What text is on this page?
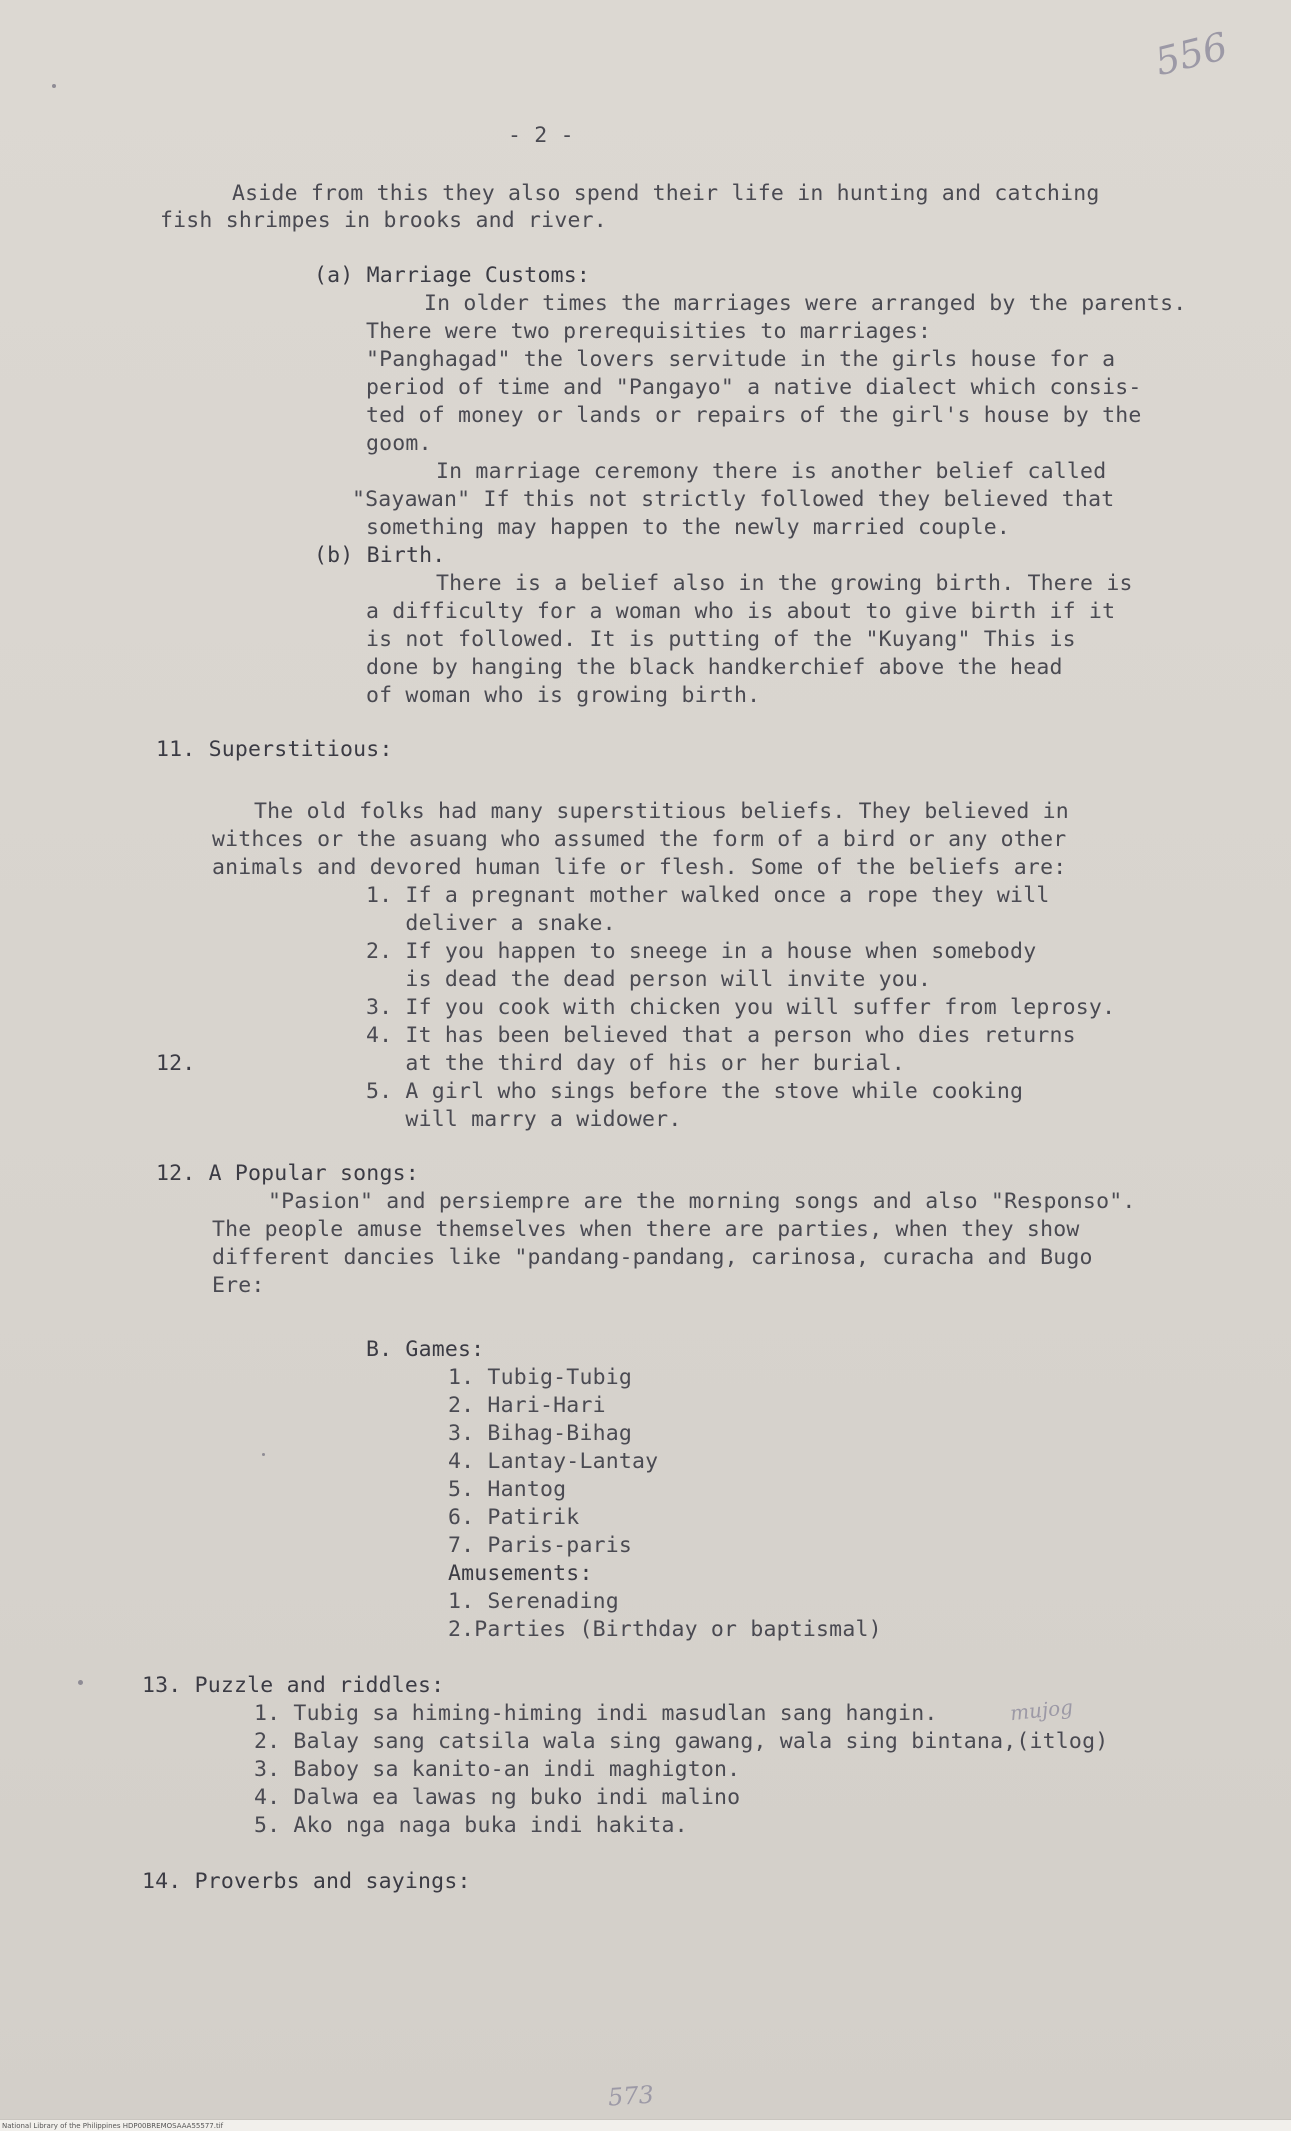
556
- 2 -
Aside from this they also spend their life in hunting and catching
fish shrimpes in brooks and river.
(a) Marriage Customs:
In older times the marriages were arranged by the parents.
There were two prerequisities to marriages:
"Panghagad" the lovers servitude in the girls house for a
period of time and "Pangayo" a native dialect which consis-
ted of money or lands or repairs of the girl's house by the
goom.
In marriage ceremony there is another belief called
"Sayawan" If this not strictly followed they believed that
something may happen to the newly married couple.
(b) Birth.
There is a belief also in the growing birth. There is
a difficulty for a woman who is about to give birth if it
is not followed. It is putting of the "Kuyang" This is
done by hanging the black handkerchief above the head
of woman who is growing birth.
11. Superstitious:
The old folks had many superstitious beliefs. They believed in
withces or the asuang who assumed the form of a bird or any other
animals and devored human life or flesh. Some of the beliefs are:
1. If a pregnant mother walked once a rope they will
deliver a snake.
2. If you happen to sneege in a house when somebody
is dead the dead person will invite you.
3. If you cook with chicken you will suffer from leprosy.
4. It has been believed that a person who dies returns
at the third day of his or her burial.
12.
5. A girl who sings before the stove while cooking
will marry a widower.
12. A Popular songs:
"Pasion" and persiempre are the morning songs and also "Responso".
The people amuse themselves when there are parties, when they show
different dancies like "pandang-pandang, carinosa, curacha and Bugo
Ere:
B. Games:
1. Tubig-Tubig
2. Hari-Hari
3. Bihag-Bihag
4. Lantay-Lantay
5. Hantog
6. Patirik
7. Paris-paris
Amusements:
1. Serenading
2.Parties (Birthday or baptismal)
13. Puzzle and riddles:
1. Tubig sa himing-himing indi masudlan sang hangin.	mujog
2. Balay sang catsila wala sing gawang, wala sing bintana,(itlog)
3. Baboy sa kanito-an indi maghigton.
4. Dalwa ea lawas ng buko indi malino
5. Ako nga naga buka indi hakita.
14. Proverbs and sayings:
573
National Library of the Philippines HDP00BREMOSAAA55577.tif
